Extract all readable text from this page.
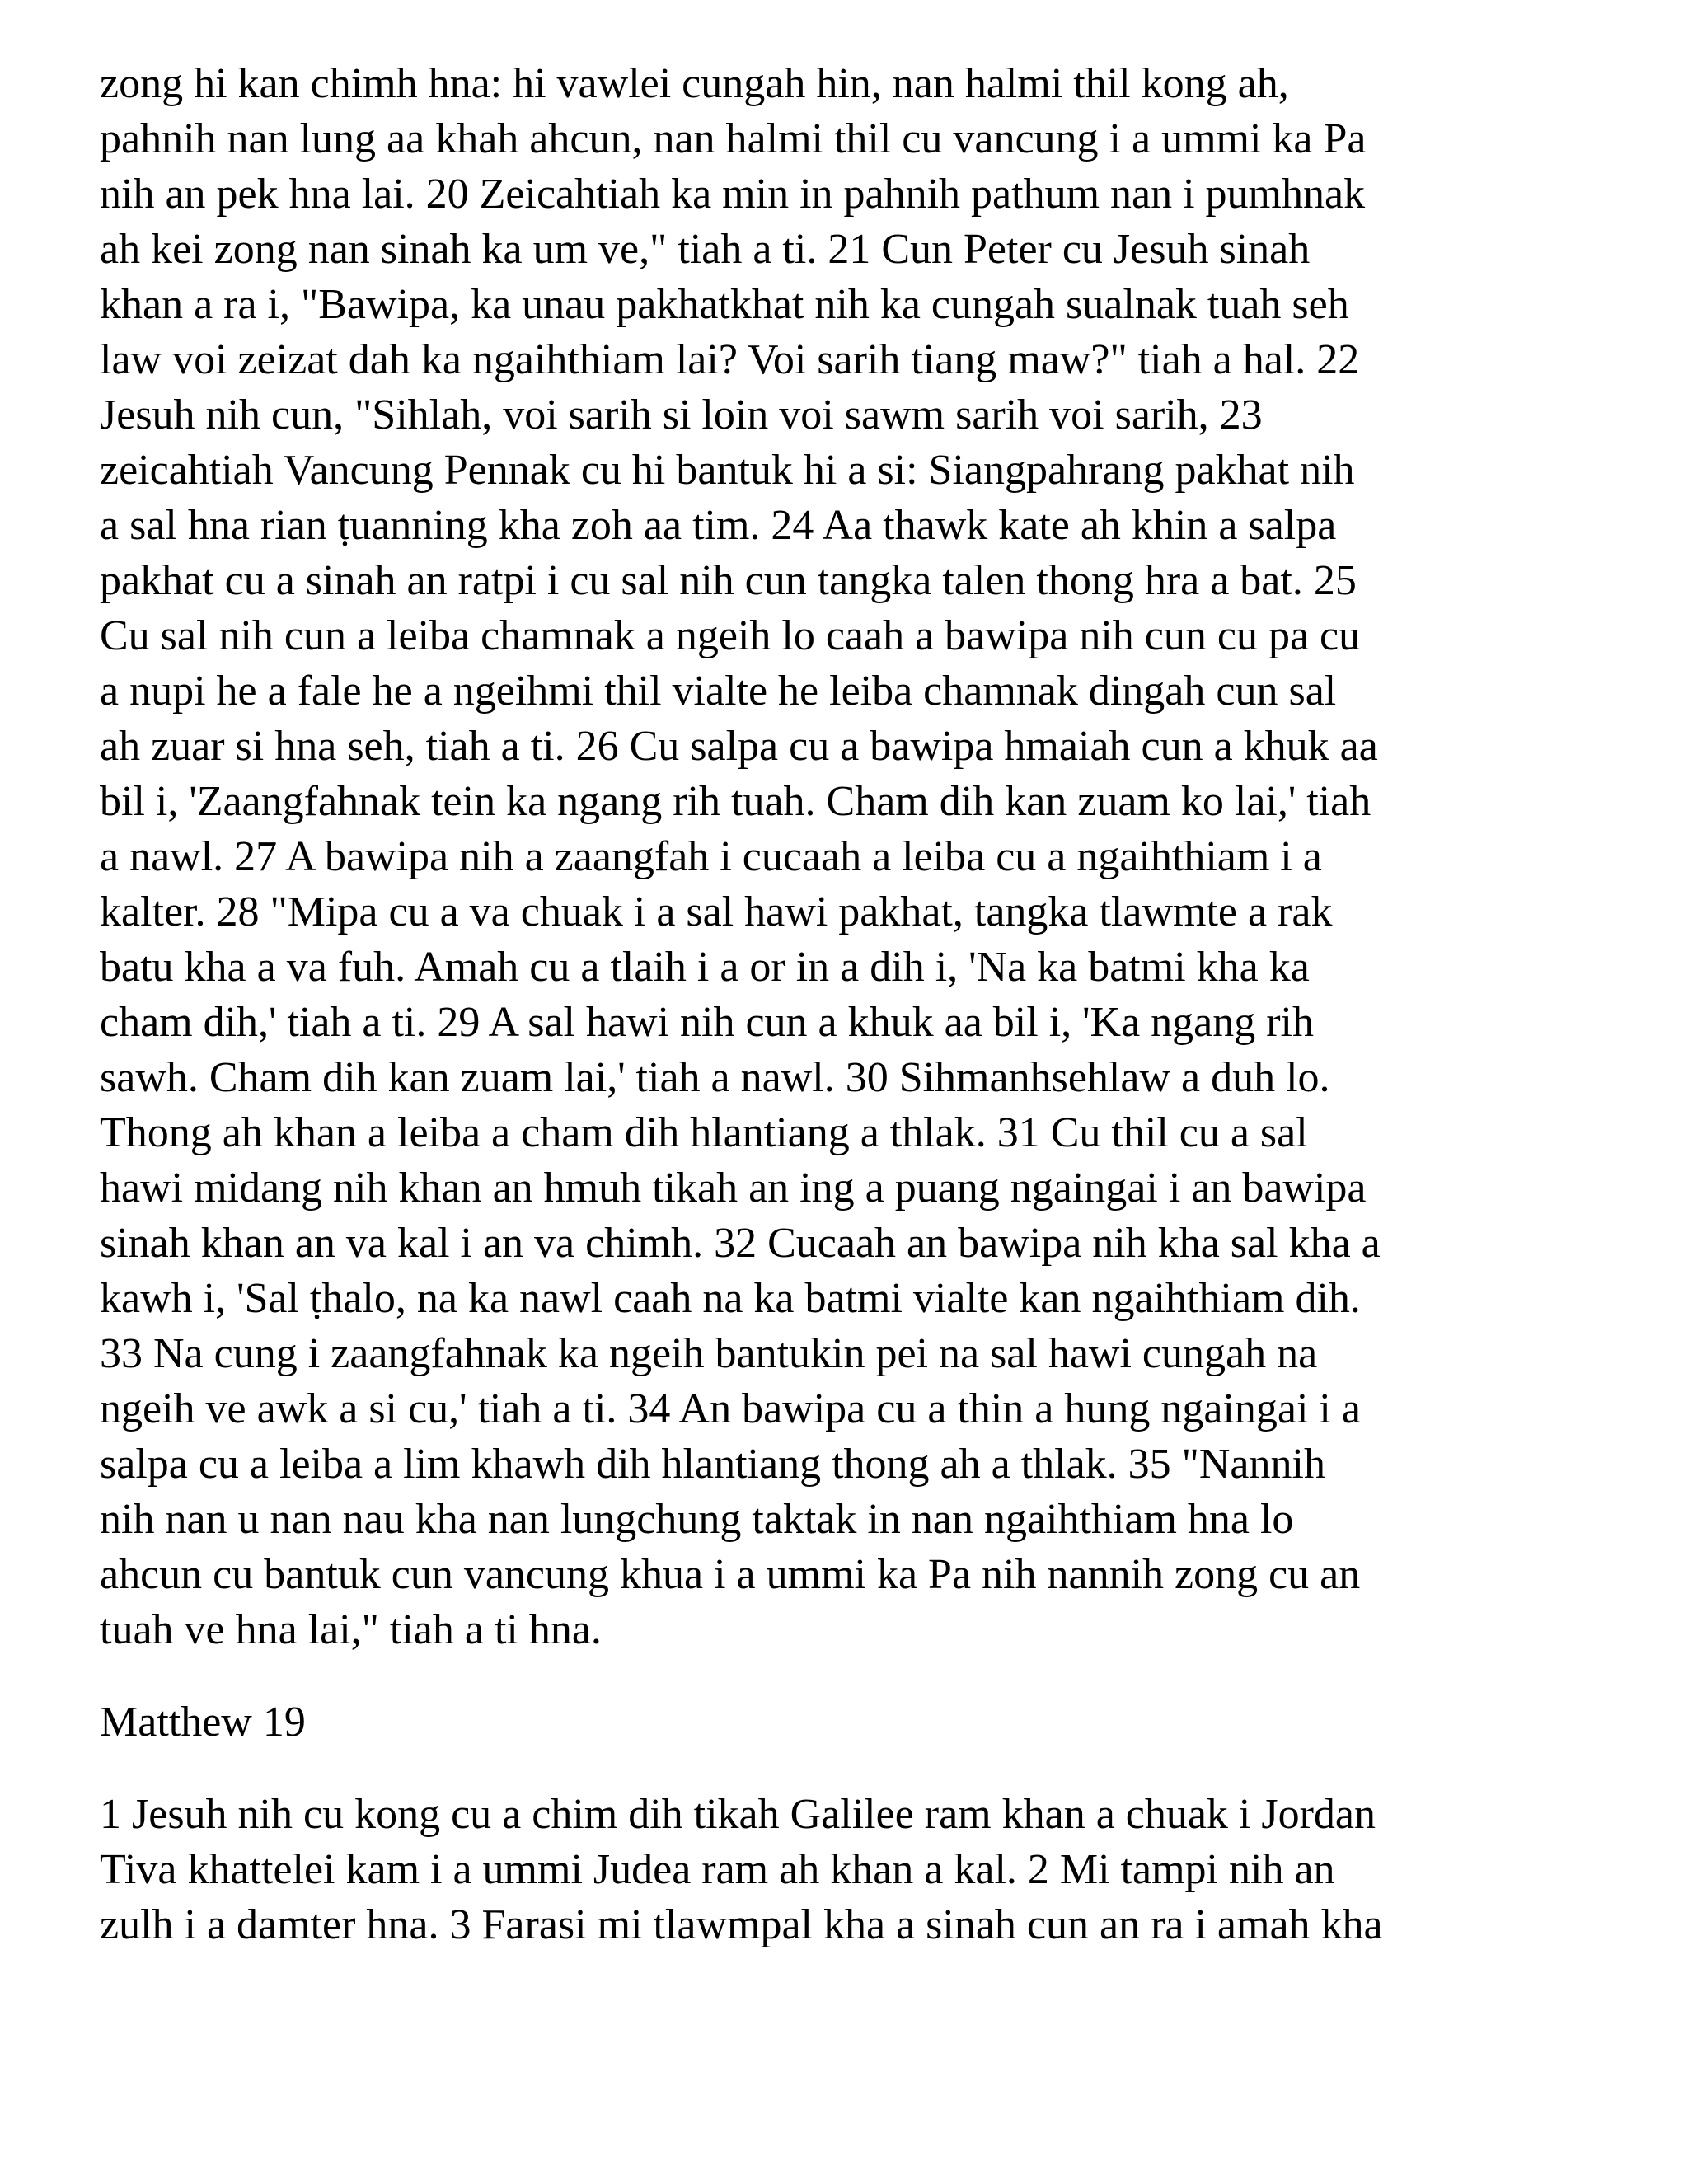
zong hi kan chimh hna: hi vawlei cungah hin, nan halmi thil kong ah,
pahnih nan lung aa khah ahcun, nan halmi thil cu vancung i a ummi ka Pa
nih an pek hna lai. 20 Zeicahtiah ka min in pahnih pathum nan i pumhnak
ah kei zong nan sinah ka um ve," tiah a ti. 21 Cun Peter cu Jesuh sinah
khan a ra i, "Bawipa, ka unau pakhatkhat nih ka cungah sualnak tuah seh
law voi zeizat dah ka ngaihthiam lai? Voi sarih tiang maw?" tiah a hal. 22
Jesuh nih cun, "Sihlah, voi sarih si loin voi sawm sarih voi sarih, 23
zeicahtiah Vancung Pennak cu hi bantuk hi a si: Siangpahrang pakhat nih
a sal hna rian ṭuanning kha zoh aa tim. 24 Aa thawk kate ah khin a salpa
pakhat cu a sinah an ratpi i cu sal nih cun tangka talen thong hra a bat. 25
Cu sal nih cun a leiba chamnak a ngeih lo caah a bawipa nih cun cu pa cu
a nupi he a fale he a ngeihmi thil vialte he leiba chamnak dingah cun sal
ah zuar si hna seh, tiah a ti. 26 Cu salpa cu a bawipa hmaiah cun a khuk aa
bil i, 'Zaangfahnak tein ka ngang rih tuah. Cham dih kan zuam ko lai,' tiah
a nawl. 27 A bawipa nih a zaangfah i cucaah a leiba cu a ngaihthiam i a
kalter. 28 "Mipa cu a va chuak i a sal hawi pakhat, tangka tlawmte a rak
batu kha a va fuh. Amah cu a tlaih i a or in a dih i, 'Na ka batmi kha ka
cham dih,' tiah a ti. 29 A sal hawi nih cun a khuk aa bil i, 'Ka ngang rih
sawh. Cham dih kan zuam lai,' tiah a nawl. 30 Sihmanhsehlaw a duh lo.
Thong ah khan a leiba a cham dih hlantiang a thlak. 31 Cu thil cu a sal
hawi midang nih khan an hmuh tikah an ing a puang ngaingai i an bawipa
sinah khan an va kal i an va chimh. 32 Cucaah an bawipa nih kha sal kha a
kawh i, 'Sal ṭhalo, na ka nawl caah na ka batmi vialte kan ngaihthiam dih.
33 Na cung i zaangfahnak ka ngeih bantukin pei na sal hawi cungah na
ngeih ve awk a si cu,' tiah a ti. 34 An bawipa cu a thin a hung ngaingai i a
salpa cu a leiba a lim khawh dih hlantiang thong ah a thlak. 35 "Nannih
nih nan u nan nau kha nan lungchung taktak in nan ngaihthiam hna lo
ahcun cu bantuk cun vancung khua i a ummi ka Pa nih nannih zong cu an
tuah ve hna lai," tiah a ti hna.

Matthew 19

1 Jesuh nih cu kong cu a chim dih tikah Galilee ram khan a chuak i Jordan
Tiva khattelei kam i a ummi Judea ram ah khan a kal. 2 Mi tampi nih an
zulh i a damter hna. 3 Farasi mi tlawmpal kha a sinah cun an ra i amah kha
